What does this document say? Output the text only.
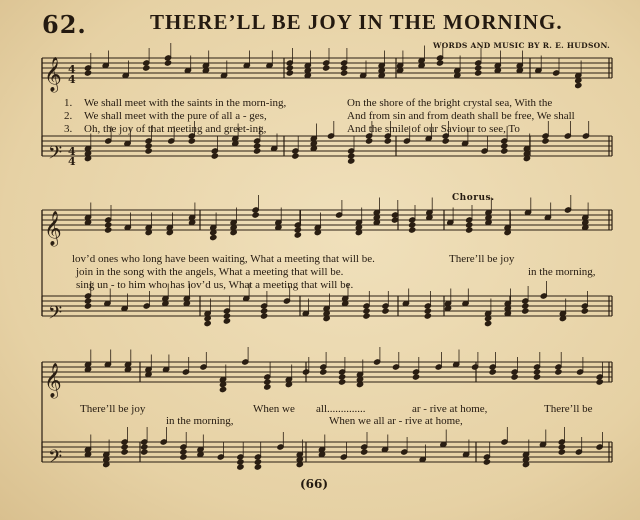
62.	THERE’LL BE JOY IN THE MORNING.
WORDS AND MUSIC BY R. E. HUDSON.
𝄞
𝄢
𝄞
𝄢
𝄞
𝄢
4
4
4
4
1. We shall meet with the saints in the morn-ing,	On the shore of the bright crystal sea, With the
2. We shall meet with the pure of all a - ges,	And from sin and from death shall be free, We shall
3. Oh, the joy of that meeting and greet-ing,	And the smile of our Saviour to see, To
Chorus.
lov’d ones who long have been waiting, What a meeting that will be.
join in the song with the angels, What a meeting that will be.
sing un - to him who has lov’d us, What a meeting that will be.
There’ll be joy
in the morning,
There’ll be joy	When we all..............	ar - rive at home,	There’ll be
in the morning,	When we all ar - rive at home,
(66)
